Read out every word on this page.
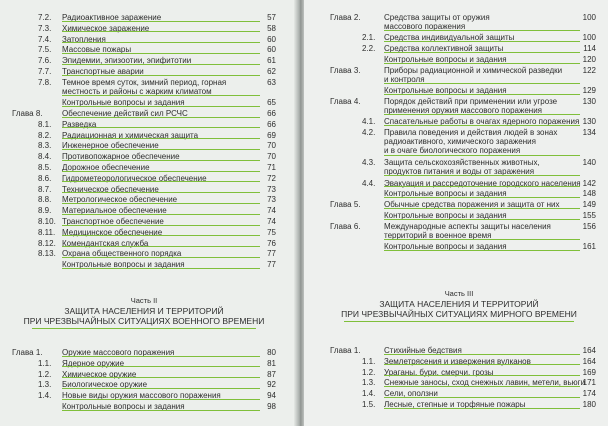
7.2. Радиоактивное заражение	57
7.3. Химическое заражение	58
7.4. Затопления	60
7.5. Массовые пожары	60
7.6. Эпидемии, эпизоотии, эпифитотии	61
7.7. Транспортные аварии	62
7.8. Темное время суток, зимний период, горная
местность и районы с жарким климатом
63
Контрольные вопросы и задания	65
Глава 8. Обеспечение действий сил РСЧС	66
8.1. Разведка	66
8.2. Радиационная и химическая защита	69
8.3. Инженерное обеспечение	70
8.4. Противопожарное обеспечение	70
8.5. Дорожное обеспечение	71
8.6. Гидрометеорологическое обеспечение	72
8.7. Техническое обеспечение	73
8.8. Метрологическое обеспечение	73
8.9. Материальное обеспечение	74
8.10. Транспортное обеспечение	74
8.11. Медицинское обеспечение	75
8.12. Комендантская служба	76
8.13. Охрана общественного порядка	77
Контрольные вопросы и задания	77
Часть II
ЗАЩИТА НАСЕЛЕНИЯ И ТЕРРИТОРИЙ
ПРИ ЧРЕЗВЫЧАЙНЫХ СИТУАЦИЯХ ВОЕННОГО ВРЕМЕНИ
Глава 1. Оружие массового поражения	80
1.1. Ядерное оружие	81
1.2. Химическое оружие	87
1.3. Биологическое оружие	92
1.4. Новые виды оружия массового поражения	94
Контрольные вопросы и задания	98
Глава 2.	Средства защиты от оружия
массового поражения
100
2.1. Средства индивидуальной защиты	100
2.2. Средства коллективной защиты	114
Контрольные вопросы и задания	120
Глава 3.	Приборы радиационной и химической разведки
и контроля
122
Контрольные вопросы и задания	129
Глава 4.	Порядок действий при применении или угрозе
применения оружия массового поражения
130
4.1. Спасательные работы в очагах ядерного поражения 130
4.2. Правила поведения и действия людей в зонах
радиоактивного, химического заражения
и в очаге биологического поражения
134
4.3. Защита сельскохозяйственных животных,
продуктов питания и воды от заражения
140
4.4. Эвакуация и рассредоточение городского населения 142
Контрольные вопросы и задания	148
Глава 5.	Обычные средства поражения и защита от них	149
Контрольные вопросы и задания	155
Глава 6.	Международные аспекты защиты населения
территорий в военное время
156
Контрольные вопросы и задания	161
Часть III
ЗАЩИТА НАСЕЛЕНИЯ И ТЕРРИТОРИЙ
ПРИ ЧРЕЗВЫЧАЙНЫХ СИТУАЦИЯХ МИРНОГО ВРЕМЕНИ
Глава 1.	Стихийные бедствия	164
1.1. Землетрясения и извержения вулканов	164
1.2. Ураганы, бури, смерчи, грозы	169
1.3. Снежные заносы, сход снежных лавин, метели, вьюги
171
1.4. Сели, оползни	174
1.5. Лесные, степные и торфяные пожары	180
